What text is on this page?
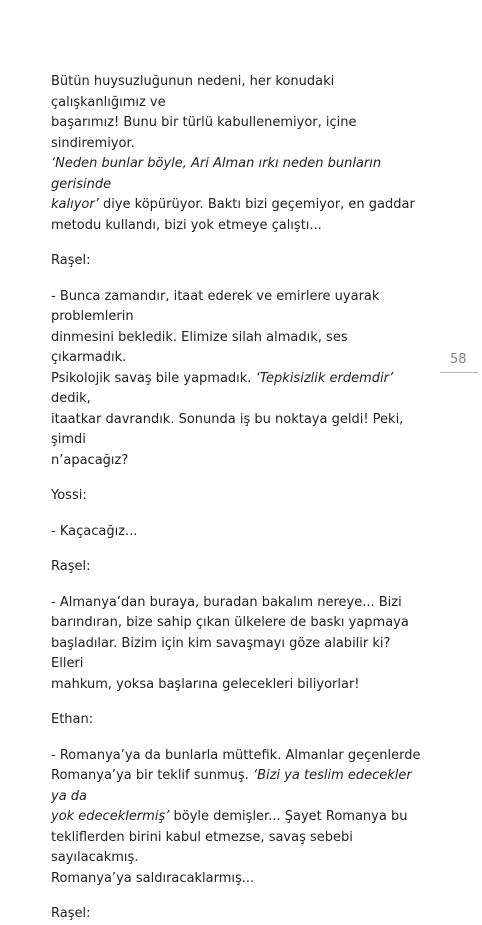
Bütün huysuzluğunun nedeni, her konudaki çalışkanlığımız ve
başarımız! Bunu bir türlü kabullenemiyor, içine sindiremiyor.
‘Neden bunlar böyle, Ari Alman ırkı neden bunların gerisinde
kalıyor’ diye köpürüyor. Baktı bizi geçemiyor, en gaddar
metodu kullandı, bizi yok etmeye çalıştı...

Raşel:

- Bunca zamandır, itaat ederek ve emirlere uyarak problemlerin
dinmesini bekledik. Elimize silah almadık, ses çıkarmadık.
Psikolojik savaş bile yapmadık. ‘Tepkisizlik erdemdir’ dedik,
itaatkar davrandık. Sonunda iş bu noktaya geldi! Peki, şimdi
n’apacağız?

Yossi:

- Kaçacağız...

Raşel:

- Almanya’dan buraya, buradan bakalım nereye... Bizi
barındıran, bize sahip çıkan ülkelere de baskı yapmaya
başladılar. Bizim için kim savaşmayı göze alabilir ki? Elleri
mahkum, yoksa başlarına gelecekleri biliyorlar!

Ethan:

- Romanya’ya da bunlarla müttefik. Almanlar geçenlerde
Romanya’ya bir teklif sunmuş. ‘Bizi ya teslim edecekler ya da
yok edeceklermiş’ böyle demişler... Şayet Romanya bu
tekliflerden birini kabul etmezse, savaş sebebi sayılacakmış.
Romanya’ya saldıracaklarmış...

Raşel:

58
